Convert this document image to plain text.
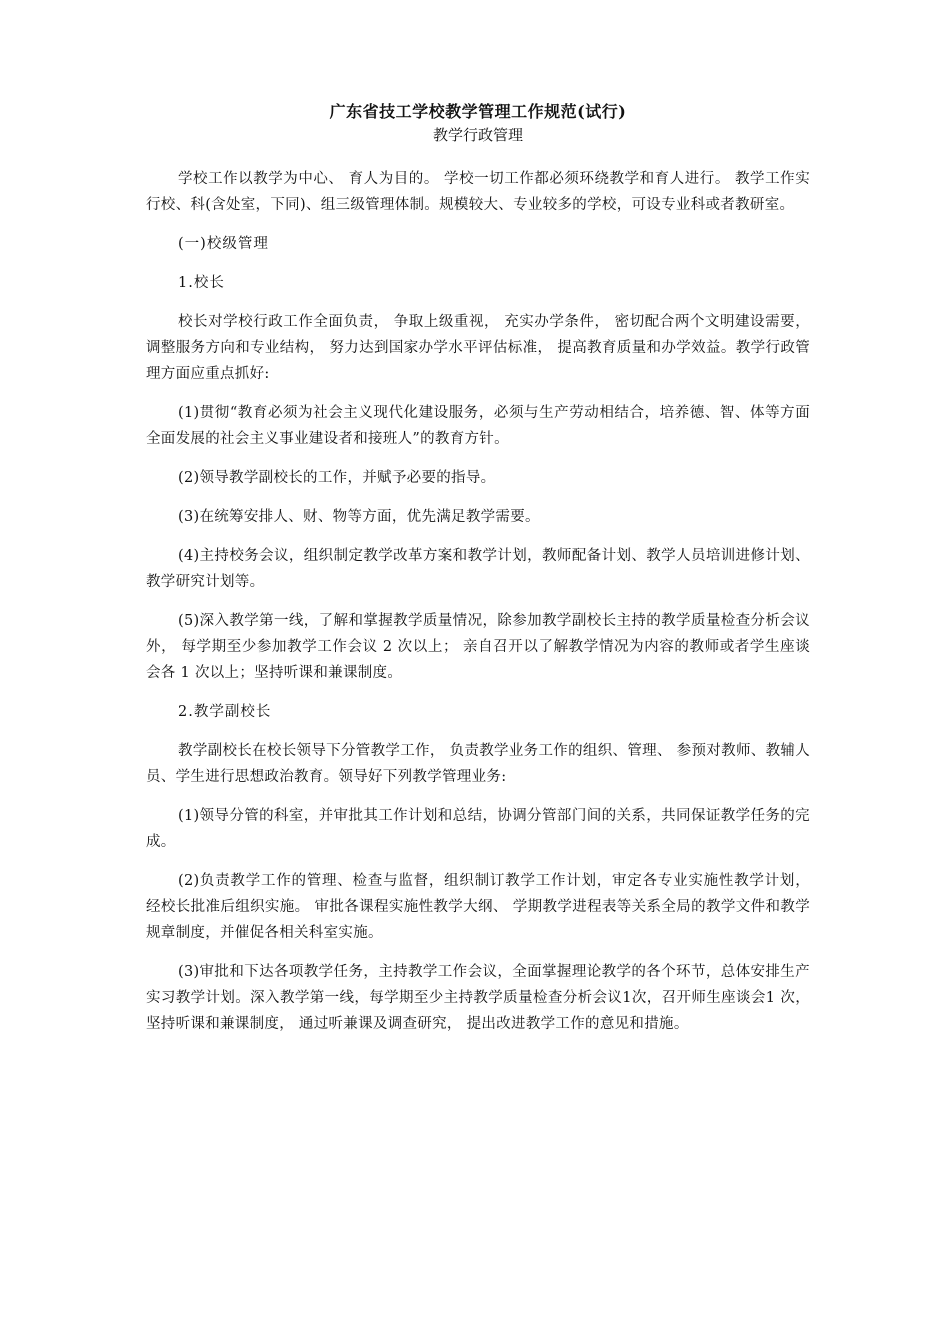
广东省技工学校教学管理工作规范(试行)
教学行政管理

学校工作以教学为中心、 育人为目的。 学校一切工作都必须环绕教学和育人进行。 教学工作实行校、科(含处室，下同)、组三级管理体制。规模较大、专业较多的学校，可设专业科或者教研室。

(一)校级管理

1.校长

校长对学校行政工作全面负责， 争取上级重视， 充实办学条件， 密切配合两个文明建设需要， 调整服务方向和专业结构， 努力达到国家办学水平评估标准， 提高教育质量和办学效益。教学行政管理方面应重点抓好:

(1)贯彻“教育必须为社会主义现代化建设服务，必须与生产劳动相结合，培养德、智、体等方面全面发展的社会主义事业建设者和接班人”的教育方针。

(2)领导教学副校长的工作，并赋予必要的指导。

(3)在统筹安排人、财、物等方面，优先满足教学需要。

(4)主持校务会议，组织制定教学改革方案和教学计划，教师配备计划、教学人员培训进修计划、教学研究计划等。

(5)深入教学第一线，了解和掌握教学质量情况，除参加教学副校长主持的教学质量检查分析会议外， 每学期至少参加教学工作会议 2 次以上； 亲自召开以了解教学情况为内容的教师或者学生座谈会各 1 次以上；坚持听课和兼课制度。

2.教学副校长

教学副校长在校长领导下分管教学工作， 负责教学业务工作的组织、管理、 参预对教师、教辅人员、学生进行思想政治教育。领导好下列教学管理业务:

(1)领导分管的科室，并审批其工作计划和总结，协调分管部门间的关系，共同保证教学任务的完成。

(2)负责教学工作的管理、检查与监督，组织制订教学工作计划，审定各专业实施性教学计划， 经校长批准后组织实施。 审批各课程实施性教学大纲、 学期教学进程表等关系全局的教学文件和教学规章制度，并催促各相关科室实施。

(3)审批和下达各项教学任务，主持教学工作会议，全面掌握理论教学的各个环节，总体安排生产实习教学计划。深入教学第一线，每学期至少主持教学质量检查分析会议1次，召开师生座谈会1 次，坚持听课和兼课制度， 通过听兼课及调查研究， 提出改进教学工作的意见和措施。
